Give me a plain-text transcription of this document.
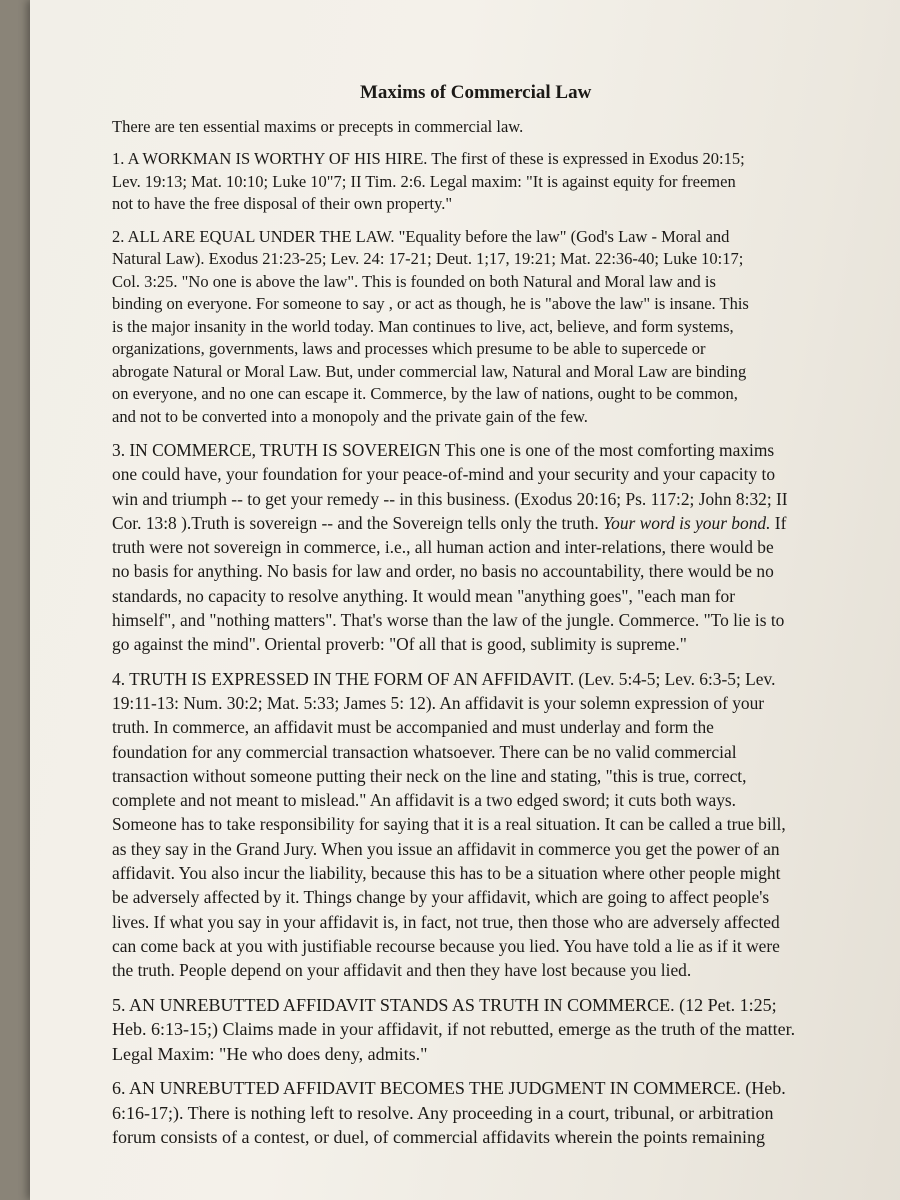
Maxims of Commercial Law

There are ten essential maxims or precepts in commercial law.

1. A WORKMAN IS WORTHY OF HIS HIRE. The first of these is expressed in Exodus 20:15;
Lev. 19:13; Mat. 10:10; Luke 10"7; II Tim. 2:6. Legal maxim: "It is against equity for freemen
not to have the free disposal of their own property."
2. ALL ARE EQUAL UNDER THE LAW. "Equality before the law" (God's Law - Moral and
Natural Law). Exodus 21:23-25; Lev. 24: 17-21; Deut. 1;17, 19:21; Mat. 22:36-40; Luke 10:17;
Col. 3:25. "No one is above the law". This is founded on both Natural and Moral law and is
binding on everyone. For someone to say , or act as though, he is "above the law" is insane. This
is the major insanity in the world today. Man continues to live, act, believe, and form systems,
organizations, governments, laws and processes which presume to be able to supercede or
abrogate Natural or Moral Law. But, under commercial law, Natural and Moral Law are binding
on everyone, and no one can escape it. Commerce, by the law of nations, ought to be common,
and not to be converted into a monopoly and the private gain of the few.
3. IN COMMERCE, TRUTH IS SOVEREIGN This one is one of the most comforting maxims
one could have, your foundation for your peace-of-mind and your security and your capacity to
win and triumph -- to get your remedy -- in this business. (Exodus 20:16; Ps. 117:2; John 8:32; II
Cor. 13:8 ).Truth is sovereign -- and the Sovereign tells only the truth. Your word is your bond. If
truth were not sovereign in commerce, i.e., all human action and inter-relations, there would be
no basis for anything. No basis for law and order, no basis no accountability, there would be no
standards, no capacity to resolve anything. It would mean "anything goes", "each man for
himself", and "nothing matters". That's worse than the law of the jungle. Commerce. "To lie is to
go against the mind". Oriental proverb: "Of all that is good, sublimity is supreme."
4. TRUTH IS EXPRESSED IN THE FORM OF AN AFFIDAVIT. (Lev. 5:4-5; Lev. 6:3-5; Lev.
19:11-13: Num. 30:2; Mat. 5:33; James 5: 12). An affidavit is your solemn expression of your
truth. In commerce, an affidavit must be accompanied and must underlay and form the
foundation for any commercial transaction whatsoever. There can be no valid commercial
transaction without someone putting their neck on the line and stating, "this is true, correct,
complete and not meant to mislead." An affidavit is a two edged sword; it cuts both ways.
Someone has to take responsibility for saying that it is a real situation. It can be called a true bill,
as they say in the Grand Jury. When you issue an affidavit in commerce you get the power of an
affidavit. You also incur the liability, because this has to be a situation where other people might
be adversely affected by it. Things change by your affidavit, which are going to affect people's
lives. If what you say in your affidavit is, in fact, not true, then those who are adversely affected
can come back at you with justifiable recourse because you lied. You have told a lie as if it were
the truth. People depend on your affidavit and then they have lost because you lied.
5. AN UNREBUTTED AFFIDAVIT STANDS AS TRUTH IN COMMERCE. (12 Pet. 1:25;
Heb. 6:13-15;) Claims made in your affidavit, if not rebutted, emerge as the truth of the matter.
Legal Maxim: "He who does deny, admits."
6. AN UNREBUTTED AFFIDAVIT BECOMES THE JUDGMENT IN COMMERCE. (Heb.
6:16-17;). There is nothing left to resolve. Any proceeding in a court, tribunal, or arbitration
forum consists of a contest, or duel, of commercial affidavits wherein the points remaining
